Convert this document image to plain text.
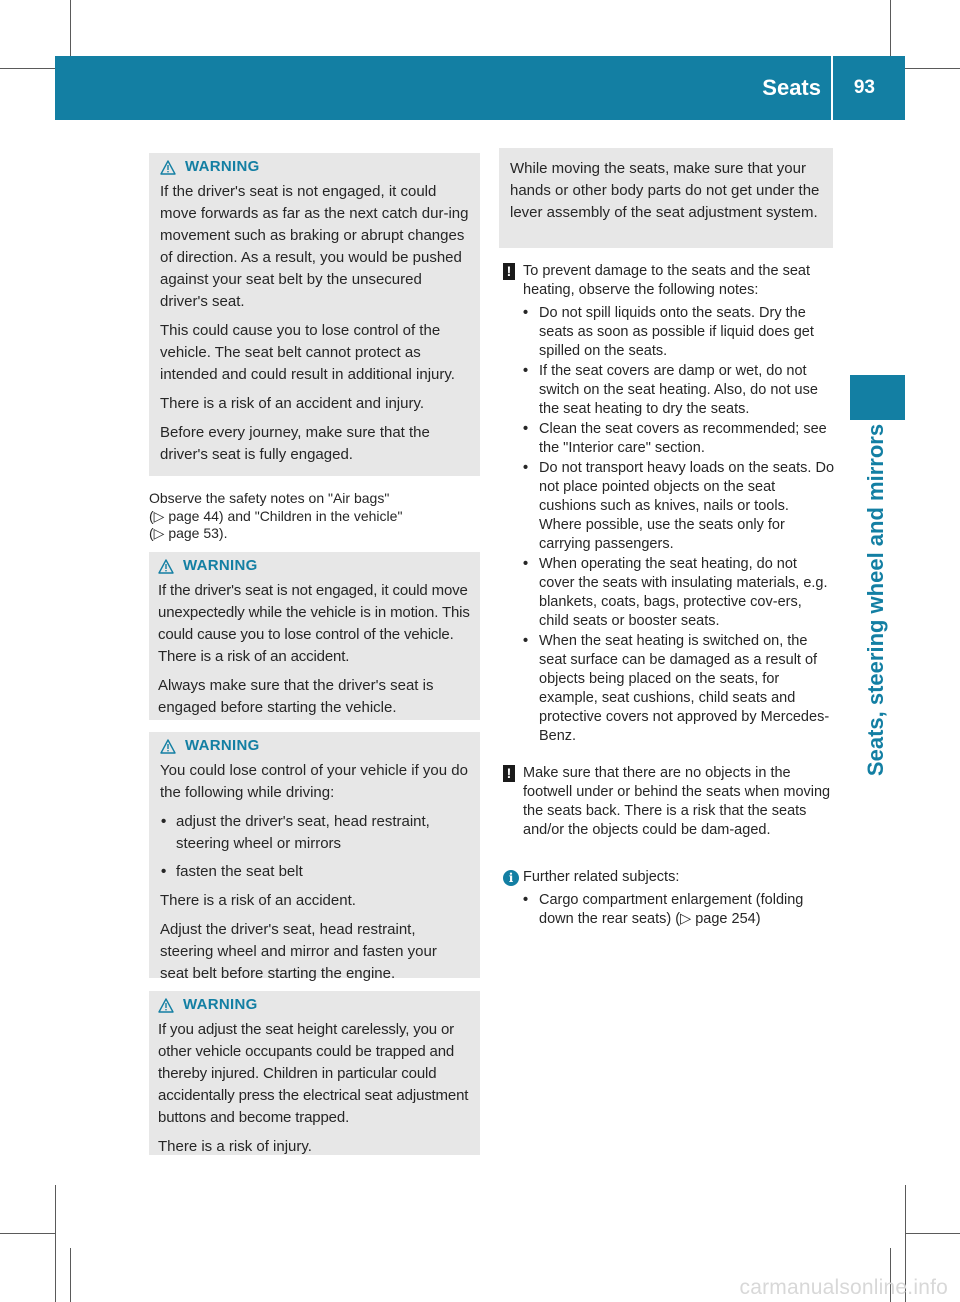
Seats 93
Seats, steering wheel and mirrors
WARNING

If the driver's seat is not engaged, it could move forwards as far as the next catch dur-ing movement such as braking or abrupt changes of direction. As a result, you would be pushed against your seat belt by the unsecured driver's seat.

This could cause you to lose control of the vehicle. The seat belt cannot protect as intended and could result in additional injury.

There is a risk of an accident and injury.

Before every journey, make sure that the driver's seat is fully engaged.

Observe the safety notes on "Air bags"
(▷ page 44) and "Children in the vehicle"
(▷ page 53).
WARNING

If the driver's seat is not engaged, it could move unexpectedly while the vehicle is in motion. This could cause you to lose control of the vehicle. There is a risk of an accident.

Always make sure that the driver's seat is engaged before starting the vehicle.

WARNING

You could lose control of your vehicle if you do the following while driving:

• adjust the driver's seat, head restraint, steering wheel or mirrors
• fasten the seat belt

There is a risk of an accident.

Adjust the driver's seat, head restraint, steering wheel and mirror and fasten your seat belt before starting the engine.

WARNING

If you adjust the seat height carelessly, you or other vehicle occupants could be trapped and thereby injured. Children in particular could accidentally press the electrical seat adjustment buttons and become trapped.

There is a risk of injury.

While moving the seats, make sure that your hands or other body parts do not get under the lever assembly of the seat adjustment system.

! To prevent damage to the seats and the seat heating, observe the following notes:
• Do not spill liquids onto the seats. Dry the seats as soon as possible if liquid does get spilled on the seats.
• If the seat covers are damp or wet, do not switch on the seat heating. Also, do not use the seat heating to dry the seats.
• Clean the seat covers as recommended; see the "Interior care" section.
• Do not transport heavy loads on the seats. Do not place pointed objects on the seat cushions such as knives, nails or tools. Where possible, use the seats only for carrying passengers.
• When operating the seat heating, do not cover the seats with insulating materials, e.g. blankets, coats, bags, protective cov-ers, child seats or booster seats.
• When the seat heating is switched on, the seat surface can be damaged as a result of objects being placed on the seats, for example, seat cushions, child seats and protective covers not approved by Mercedes-Benz.
! Make sure that there are no objects in the footwell under or behind the seats when moving the seats back. There is a risk that the seats and/or the objects could be dam-aged.
i Further related subjects:
• Cargo compartment enlargement (folding down the rear seats) (▷ page 254)
carmanualsonline.info
